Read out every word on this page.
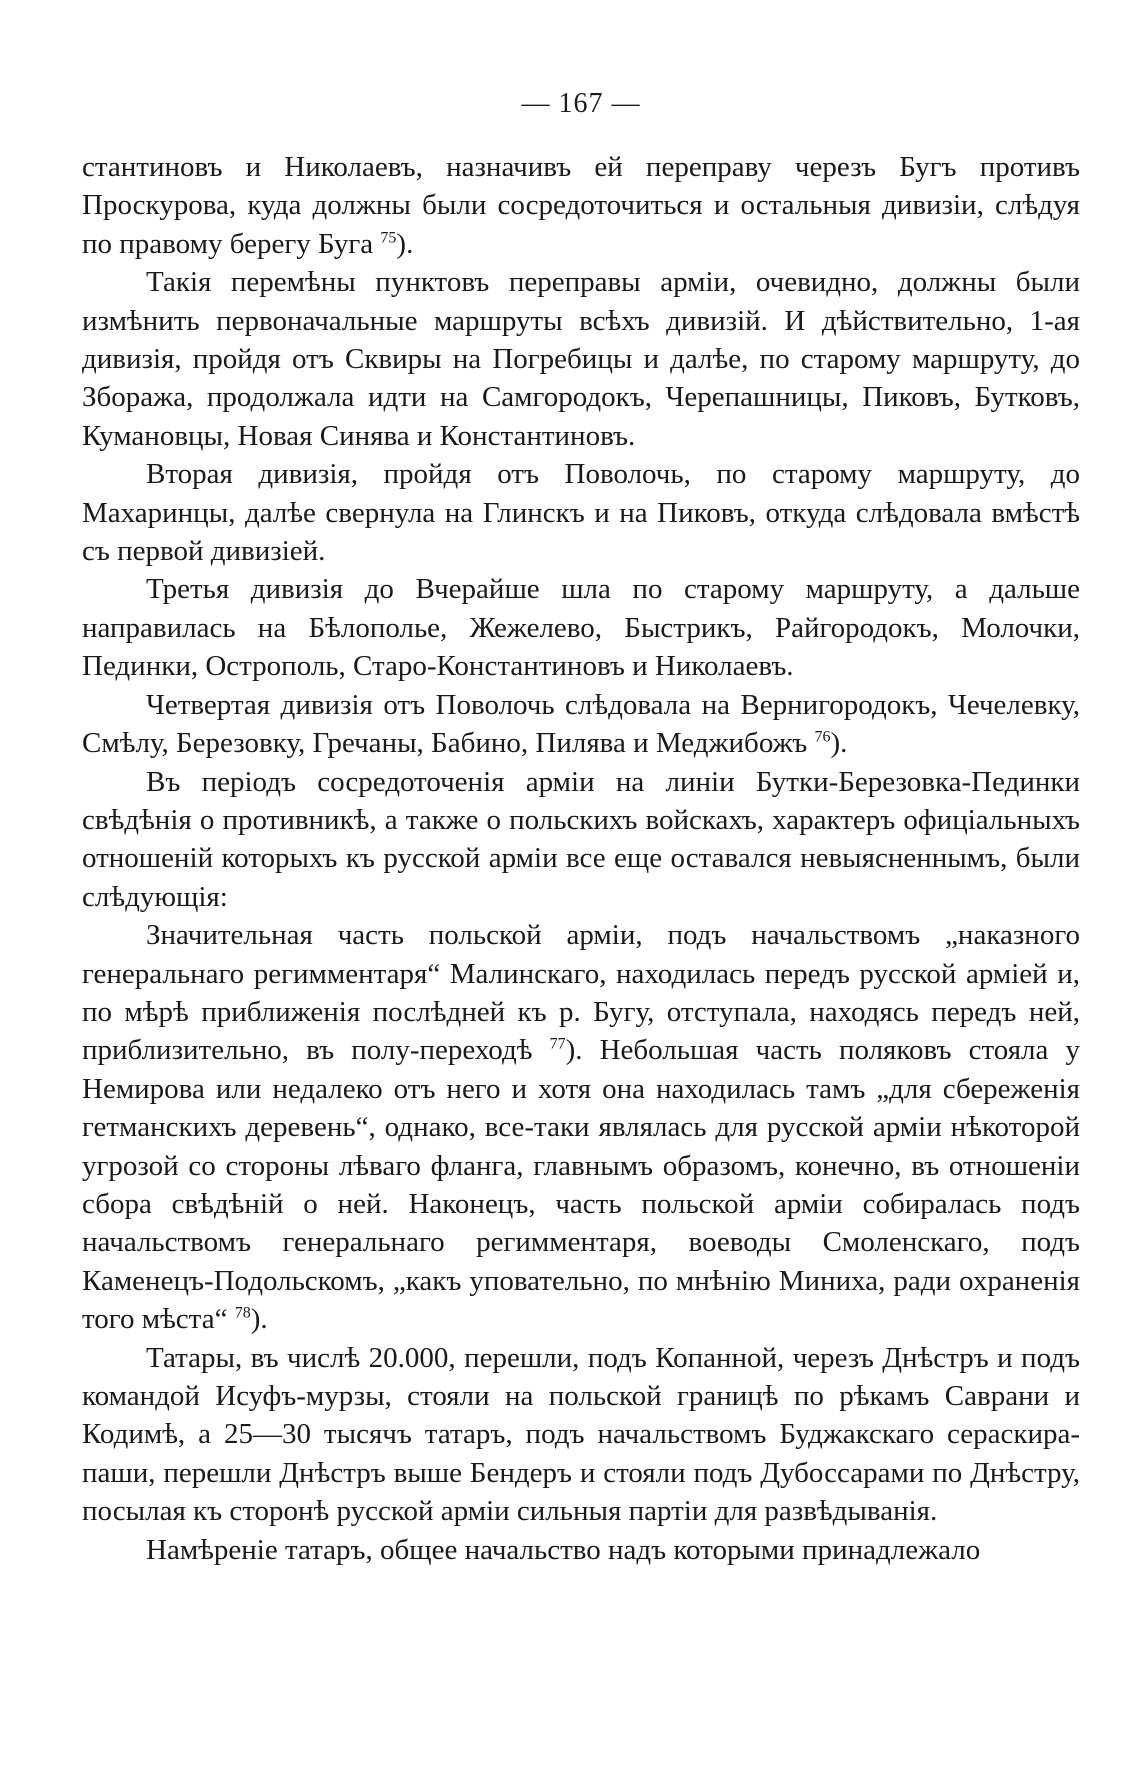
— 167 —

стантиновъ и Николаевъ, назначивъ ей переправу черезъ Бугъ противъ Проскурова, куда должны были сосредоточиться и остальныя дивизіи, слѣдуя по правому берегу Буга $^{75}$).

Такія перемѣны пунктовъ переправы арміи, очевидно, должны были измѣнить первоначальные маршруты всѣхъ дивизій. И дѣйствительно, 1-ая дивизія, пройдя отъ Сквиры на Погребицы и далѣе, по старому маршруту, до Збоража, продолжала идти на Самгородокъ, Черепашницы, Пиковъ, Бутковъ, Кумановцы, Новая Синява и Константиновъ.

Вторая дивизія, пройдя отъ Поволочь, по старому маршруту, до Махаринцы, далѣе свернула на Глинскъ и на Пиковъ, откуда слѣдовала вмѣстѣ съ первой дивизіей.

Третья дивизія до Вчерайше шла по старому маршруту, а дальше направилась на Бѣлополье, Жежелево, Быстрикъ, Райгородокъ, Молочки, Пединки, Острополь, Старо-Константиновъ и Николаевъ.

Четвертая дивизія отъ Поволочь слѣдовала на Вернигородокъ, Чечелевку, Смѣлу, Березовку, Гречаны, Бабино, Пилява и Меджибожъ $^{76}$).

Въ періодъ сосредоточенія арміи на линіи Бутки-Березовка-Пединки свѣдѣнія о противникѣ, а также о польскихъ войскахъ, характеръ офиціальныхъ отношеній которыхъ къ русской арміи все еще оставался невыясненнымъ, были слѣдующія:

Значительная часть польской арміи, подъ начальствомъ „наказного генеральнаго регимментаря“ Малинскаго, находилась передъ русской арміей и, по мѣрѣ приближенія послѣдней къ р. Бугу, отступала, находясь передъ ней, приблизительно, въ полу-переходѣ $^{77}$). Небольшая часть поляковъ стояла у Немирова или недалеко отъ него и хотя она находилась тамъ „для сбереженія гетманскихъ деревень“, однако, все-таки являлась для русской арміи нѣкоторой угрозой со стороны лѣваго фланга, главнымъ образомъ, конечно, въ отношеніи сбора свѣдѣній о ней. Наконецъ, часть польской арміи собиралась подъ начальствомъ генеральнаго регимментаря, воеводы Смоленскаго, подъ Каменецъ-Подольскомъ, „какъ уповательно, по мнѣнію Миниха, ради охраненія того мѣста“ $^{78}$).

Татары, въ числѣ 20.000, перешли, подъ Копанной, черезъ Днѣстръ и подъ командой Исуфъ-мурзы, стояли на польской границѣ по рѣкамъ Саврани и Кодимѣ, а 25—30 тысячъ татаръ, подъ начальствомъ Буджакскаго сераскира-паши, перешли Днѣстръ выше Бендеръ и стояли подъ Дубоссарами по Днѣстру, посылая къ сторонѣ русской арміи сильныя партіи для развѣдыванія.

Намѣреніе татаръ, общее начальство надъ которыми принадлежало
